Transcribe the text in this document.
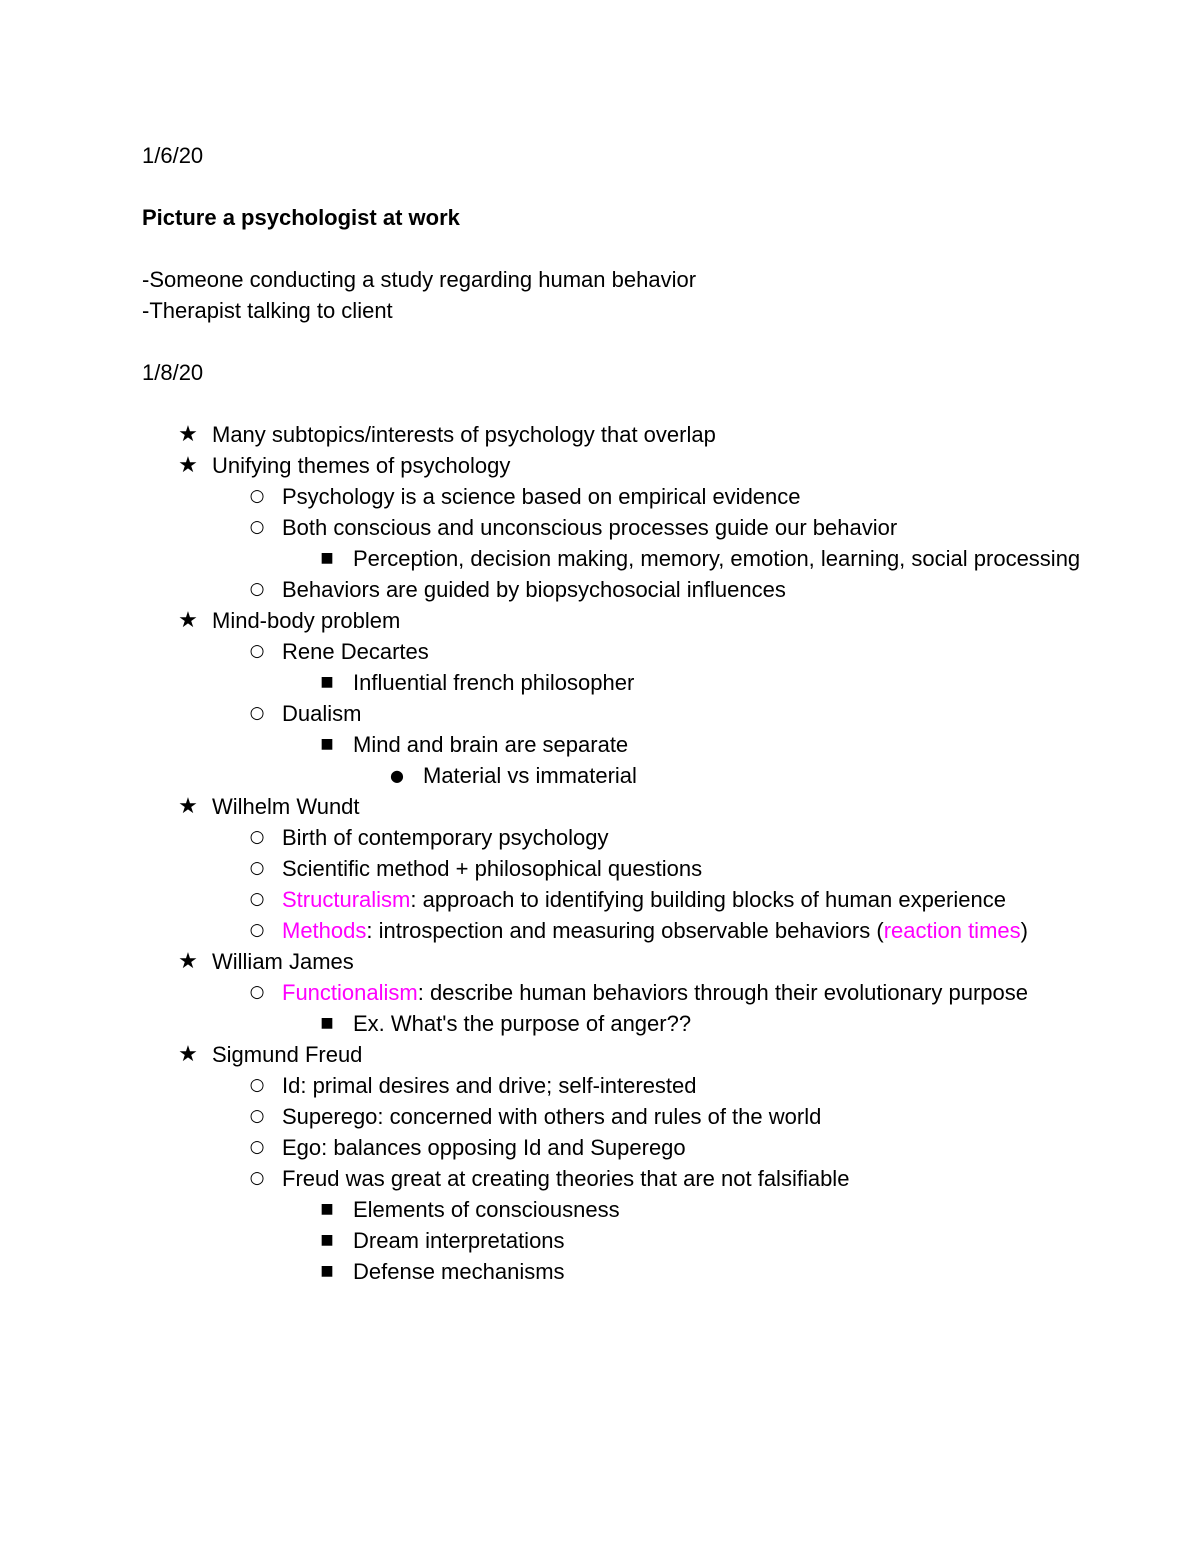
1/6/20

Picture a psychologist at work

-Someone conducting a study regarding human behavior

-Therapist talking to client

1/8/20

★ Many subtopics/interests of psychology that overlap
★ Unifying themes of psychology
○ Psychology is a science based on empirical evidence
○ Both conscious and unconscious processes guide our behavior
■ Perception, decision making, memory, emotion, learning, social processing
○ Behaviors are guided by biopsychosocial influences
★ Mind-body problem
○ Rene Decartes
■ Influential french philosopher
○ Dualism
■ Mind and brain are separate
● Material vs immaterial
★ Wilhelm Wundt
○ Birth of contemporary psychology
○ Scientific method + philosophical questions
○ Structuralism: approach to identifying building blocks of human experience
○ Methods: introspection and measuring observable behaviors (reaction times)
★ William James
○ Functionalism: describe human behaviors through their evolutionary purpose
■ Ex. What's the purpose of anger??
★ Sigmund Freud
○ Id: primal desires and drive; self-interested
○ Superego: concerned with others and rules of the world
○ Ego: balances opposing Id and Superego
○ Freud was great at creating theories that are not falsifiable
■ Elements of consciousness
■ Dream interpretations
■ Defense mechanisms
